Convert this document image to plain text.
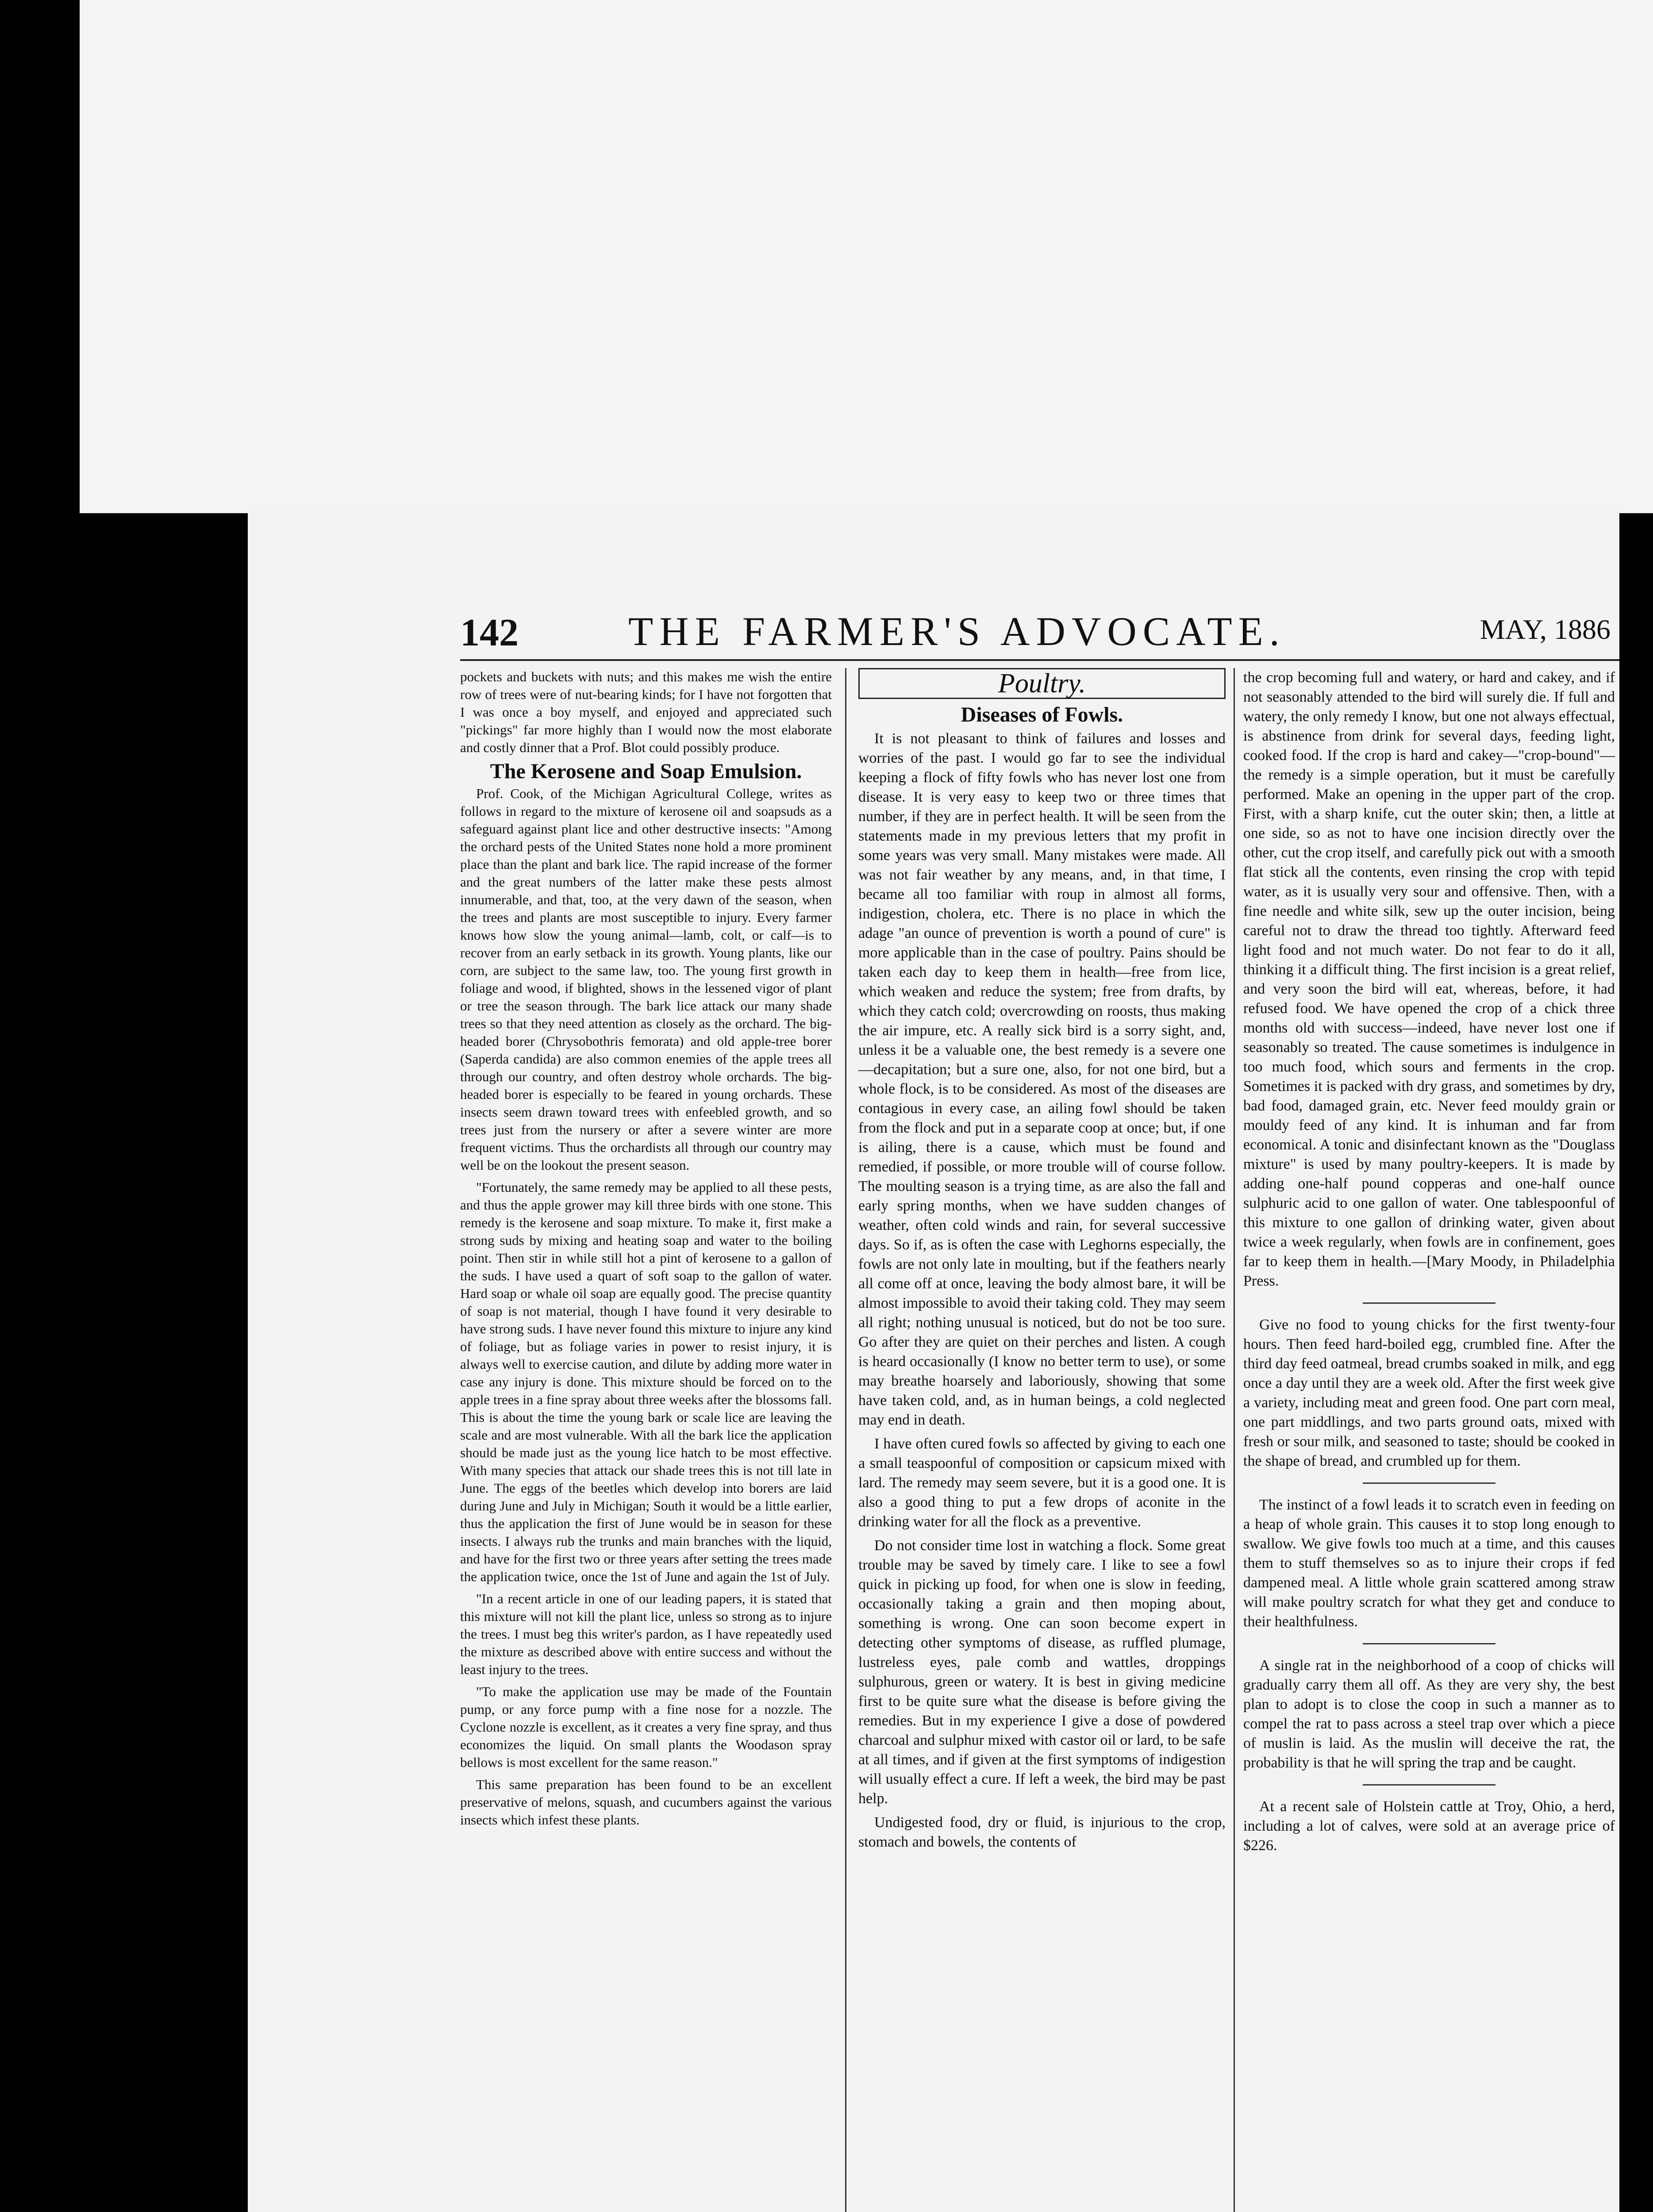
142	THE FARMER'S ADVOCATE.	MAY, 1886

pockets and buckets with nuts; and this makes me wish the entire row of trees were of nut-bearing kinds; for I have not forgotten that I was once a boy myself, and enjoyed and appreciated such "pickings" far more highly than I would now the most elaborate and costly dinner that a Prof. Blot could possibly produce.

The Kerosene and Soap Emulsion.

Prof. Cook, of the Michigan Agricultural College, writes as follows in regard to the mixture of kerosene oil and soapsuds as a safeguard against plant lice and other destructive insects: "Among the orchard pests of the United States none hold a more prominent place than the plant and bark lice. The rapid increase of the former and the great numbers of the latter make these pests almost innumerable, and that, too, at the very dawn of the season, when the trees and plants are most susceptible to injury. Every farmer knows how slow the young animal—lamb, colt, or calf—is to recover from an early setback in its growth. Young plants, like our corn, are subject to the same law, too. The young first growth in foliage and wood, if blighted, shows in the lessened vigor of plant or tree the season through. The bark lice attack our many shade trees so that they need attention as closely as the orchard. The big-headed borer (Chrysobothris femorata) and old apple-tree borer (Saperda candida) are also common enemies of the apple trees all through our country, and often destroy whole orchards. The big-headed borer is especially to be feared in young orchards. These insects seem drawn toward trees with enfeebled growth, and so trees just from the nursery or after a severe winter are more frequent victims. Thus the orchardists all through our country may well be on the lookout the present season.

"Fortunately, the same remedy may be applied to all these pests, and thus the apple grower may kill three birds with one stone. This remedy is the kerosene and soap mixture. To make it, first make a strong suds by mixing and heating soap and water to the boiling point. Then stir in while still hot a pint of kerosene to a gallon of the suds. I have used a quart of soft soap to the gallon of water. Hard soap or whale oil soap are equally good. The precise quantity of soap is not material, though I have found it very desirable to have strong suds. I have never found this mixture to injure any kind of foliage, but as foliage varies in power to resist injury, it is always well to exercise caution, and dilute by adding more water in case any injury is done. This mixture should be forced on to the apple trees in a fine spray about three weeks after the blossoms fall. This is about the time the young bark or scale lice are leaving the scale and are most vulnerable. With all the bark lice the application should be made just as the young lice hatch to be most effective. With many species that attack our shade trees this is not till late in June. The eggs of the beetles which develop into borers are laid during June and July in Michigan; South it would be a little earlier, thus the application the first of June would be in season for these insects. I always rub the trunks and main branches with the liquid, and have for the first two or three years after setting the trees made the application twice, once the 1st of June and again the 1st of July.

"In a recent article in one of our leading papers, it is stated that this mixture will not kill the plant lice, unless so strong as to injure the trees. I must beg this writer's pardon, as I have repeatedly used the mixture as described above with entire success and without the least injury to the trees.

"To make the application use may be made of the Fountain pump, or any force pump with a fine nose for a nozzle. The Cyclone nozzle is excellent, as it creates a very fine spray, and thus economizes the liquid. On small plants the Woodason spray bellows is most excellent for the same reason."

This same preparation has been found to be an excellent preservative of melons, squash, and cucumbers against the various insects which infest these plants.

Poultry.
Diseases of Fowls.

It is not pleasant to think of failures and losses and worries of the past. I would go far to see the individual keeping a flock of fifty fowls who has never lost one from disease. It is very easy to keep two or three times that number, if they are in perfect health. It will be seen from the statements made in my previous letters that my profit in some years was very small. Many mistakes were made. All was not fair weather by any means, and, in that time, I became all too familiar with roup in almost all forms, indigestion, cholera, etc. There is no place in which the adage "an ounce of prevention is worth a pound of cure" is more applicable than in the case of poultry. Pains should be taken each day to keep them in health—free from lice, which weaken and reduce the system; free from drafts, by which they catch cold; overcrowding on roosts, thus making the air impure, etc. A really sick bird is a sorry sight, and, unless it be a valuable one, the best remedy is a severe one—decapitation; but a sure one, also, for not one bird, but a whole flock, is to be considered. As most of the diseases are contagious in every case, an ailing fowl should be taken from the flock and put in a separate coop at once; but, if one is ailing, there is a cause, which must be found and remedied, if possible, or more trouble will of course follow. The moulting season is a trying time, as are also the fall and early spring months, when we have sudden changes of weather, often cold winds and rain, for several successive days. So if, as is often the case with Leghorns especially, the fowls are not only late in moulting, but if the feathers nearly all come off at once, leaving the body almost bare, it will be almost impossible to avoid their taking cold. They may seem all right; nothing unusual is noticed, but do not be too sure. Go after they are quiet on their perches and listen. A cough is heard occasionally (I know no better term to use), or some may breathe hoarsely and laboriously, showing that some have taken cold, and, as in human beings, a cold neglected may end in death.

I have often cured fowls so affected by giving to each one a small teaspoonful of composition or capsicum mixed with lard. The remedy may seem severe, but it is a good one. It is also a good thing to put a few drops of aconite in the drinking water for all the flock as a preventive.

Do not consider time lost in watching a flock. Some great trouble may be saved by timely care. I like to see a fowl quick in picking up food, for when one is slow in feeding, occasionally taking a grain and then moping about, something is wrong. One can soon become expert in detecting other symptoms of disease, as ruffled plumage, lustreless eyes, pale comb and wattles, droppings sulphurous, green or watery. It is best in giving medicine first to be quite sure what the disease is before giving the remedies. But in my experience I give a dose of powdered charcoal and sulphur mixed with castor oil or lard, to be safe at all times, and if given at the first symptoms of indigestion will usually effect a cure. If left a week, the bird may be past help.

Undigested food, dry or fluid, is injurious to the crop, stomach and bowels, the contents of

the crop becoming full and watery, or hard and cakey, and if not seasonably attended to the bird will surely die. If full and watery, the only remedy I know, but one not always effectual, is abstinence from drink for several days, feeding light, cooked food. If the crop is hard and cakey—"crop-bound"—the remedy is a simple operation, but it must be carefully performed. Make an opening in the upper part of the crop. First, with a sharp knife, cut the outer skin; then, a little at one side, so as not to have one incision directly over the other, cut the crop itself, and carefully pick out with a smooth flat stick all the contents, even rinsing the crop with tepid water, as it is usually very sour and offensive. Then, with a fine needle and white silk, sew up the outer incision, being careful not to draw the thread too tightly. Afterward feed light food and not much water. Do not fear to do it all, thinking it a difficult thing. The first incision is a great relief, and very soon the bird will eat, whereas, before, it had refused food. We have opened the crop of a chick three months old with success—indeed, have never lost one if seasonably so treated. The cause sometimes is indulgence in too much food, which sours and ferments in the crop. Sometimes it is packed with dry grass, and sometimes by dry, bad food, damaged grain, etc. Never feed mouldy grain or mouldy feed of any kind. It is inhuman and far from economical. A tonic and disinfectant known as the "Douglass mixture" is used by many poultry-keepers. It is made by adding one-half pound copperas and one-half ounce sulphuric acid to one gallon of water. One tablespoonful of this mixture to one gallon of drinking water, given about twice a week regularly, when fowls are in confinement, goes far to keep them in health.—[Mary Moody, in Philadelphia Press.

Give no food to young chicks for the first twenty-four hours. Then feed hard-boiled egg, crumbled fine. After the third day feed oatmeal, bread crumbs soaked in milk, and egg once a day until they are a week old. After the first week give a variety, including meat and green food. One part corn meal, one part middlings, and two parts ground oats, mixed with fresh or sour milk, and seasoned to taste; should be cooked in the shape of bread, and crumbled up for them.

The instinct of a fowl leads it to scratch even in feeding on a heap of whole grain. This causes it to stop long enough to swallow. We give fowls too much at a time, and this causes them to stuff themselves so as to injure their crops if fed dampened meal. A little whole grain scattered among straw will make poultry scratch for what they get and conduce to their healthfulness.

A single rat in the neighborhood of a coop of chicks will gradually carry them all off. As they are very shy, the best plan to adopt is to close the coop in such a manner as to compel the rat to pass across a steel trap over which a piece of muslin is laid. As the muslin will deceive the rat, the probability is that he will spring the trap and be caught.

At a recent sale of Holstein cattle at Troy, Ohio, a herd, including a lot of calves, were sold at an average price of $226.
